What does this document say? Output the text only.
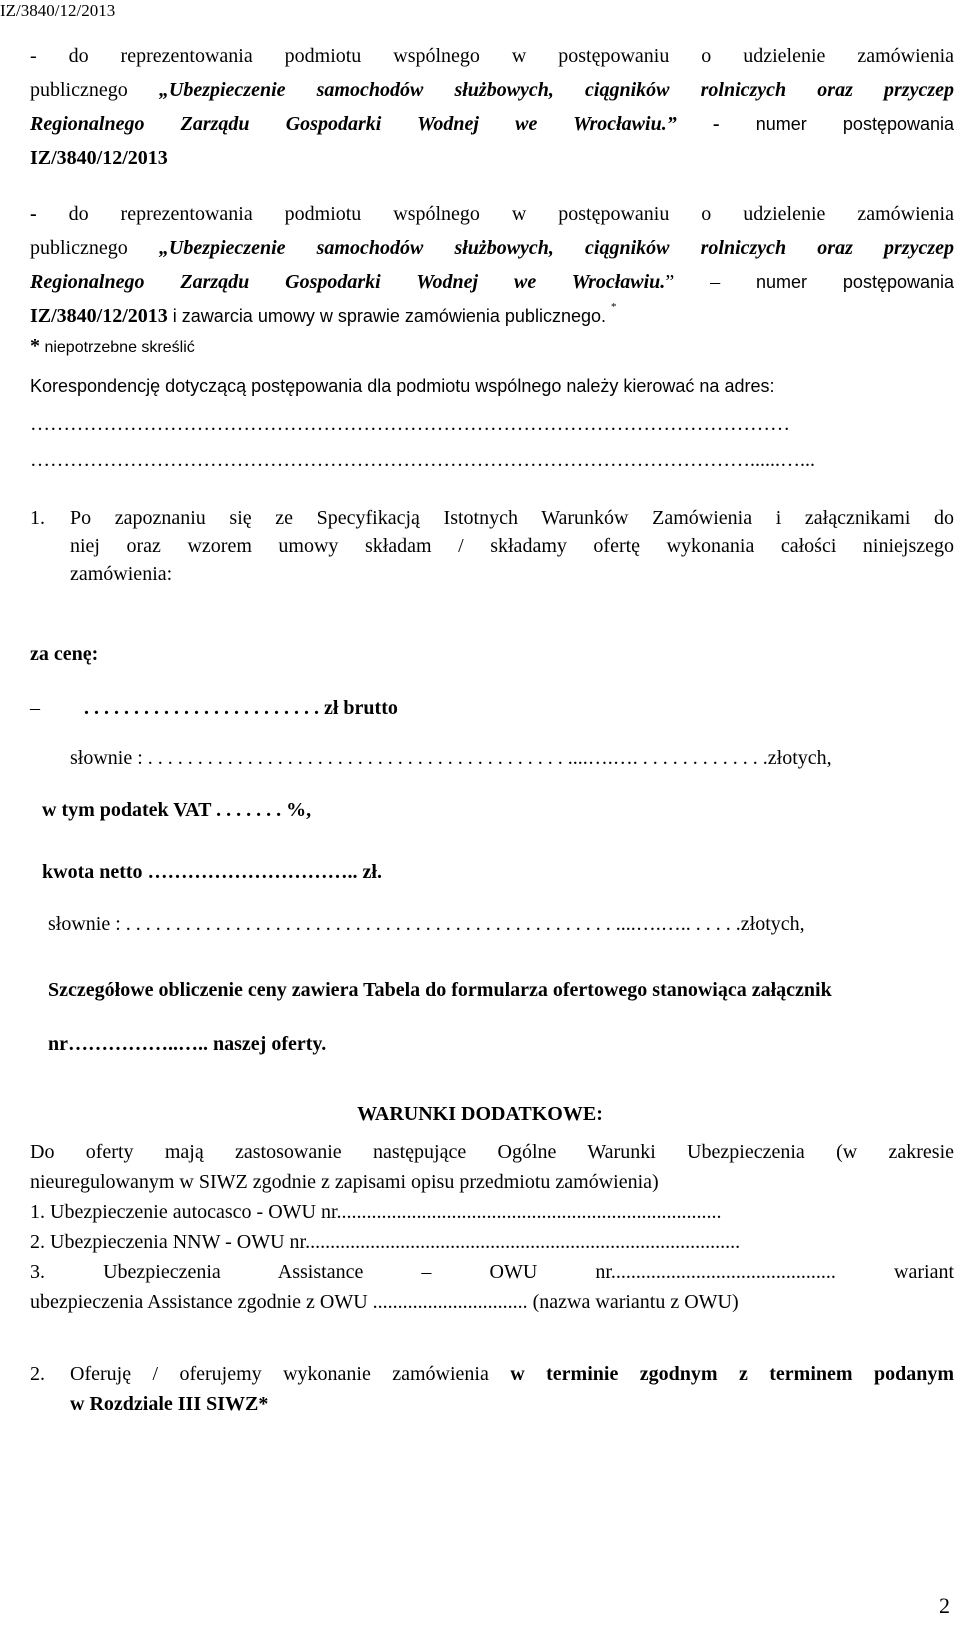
IZ/3840/12/2013
- do reprezentowania podmiotu wspólnego w postępowaniu o udzielenie zamówienia
publicznego „Ubezpieczenie samochodów służbowych, ciągników rolniczych oraz przyczep
Regionalnego Zarządu Gospodarki Wodnej we Wrocławiu.” - numer postępowania
IZ/3840/12/2013
- do reprezentowania podmiotu wspólnego w postępowaniu o udzielenie zamówienia
publicznego „Ubezpieczenie samochodów służbowych, ciągników rolniczych oraz przyczep
Regionalnego Zarządu Gospodarki Wodnej we Wrocławiu.” – numer postępowania
IZ/3840/12/2013 i zawarcia umowy w sprawie zamówienia publicznego. *
* niepotrzebne skreślić
Korespondencję dotyczącą postępowania dla podmiotu wspólnego należy kierować na adres:
……………………………………………………………………………………………………
………………………………………………………………………………………………......…...
1.	Po zapoznaniu się ze Specyfikacją Istotnych Warunków Zamówienia i załącznikami do
niej oraz wzorem umowy składam / składamy ofertę wykonania całości niniejszego
zamówienia:
za cenę:
–	. . . . . . . . . . . . . . . . . . . . . . . . zł brutto
słownie : . . . . . . . . . . . . . . . . . . . . . . . . . . . . . . . . . . . . . . . . . . ....….…. . . . . . . . . . . . . .złotych,
w tym podatek VAT . . . . . . . %,
kwota netto ………………………….. zł.
słownie : . . . . . . . . . . . . . . . . . . . . . . . . . . . . . . . . . . . . . . . . . . . . . . . . . ....….….. . . . . .złotych,
Szczegółowe obliczenie ceny zawiera Tabela do formularza ofertowego stanowiąca załącznik
nr……………..….. naszej oferty.
WARUNKI DODATKOWE:
Do oferty mają zastosowanie następujące Ogólne Warunki Ubezpieczenia (w zakresie
nieuregulowanym w SIWZ zgodnie z zapisami opisu przedmiotu zamówienia)
1. Ubezpieczenie autocasco - OWU nr.............................................................................
2. Ubezpieczenia NNW - OWU nr.......................................................................................
3. Ubezpieczenia Assistance – OWU nr............................................. wariant
ubezpieczenia Assistance zgodnie z OWU ............................... (nazwa wariantu z OWU)
2.	Oferuję / oferujemy wykonanie zamówienia w terminie zgodnym z terminem podanym
w Rozdziale III SIWZ*
2
